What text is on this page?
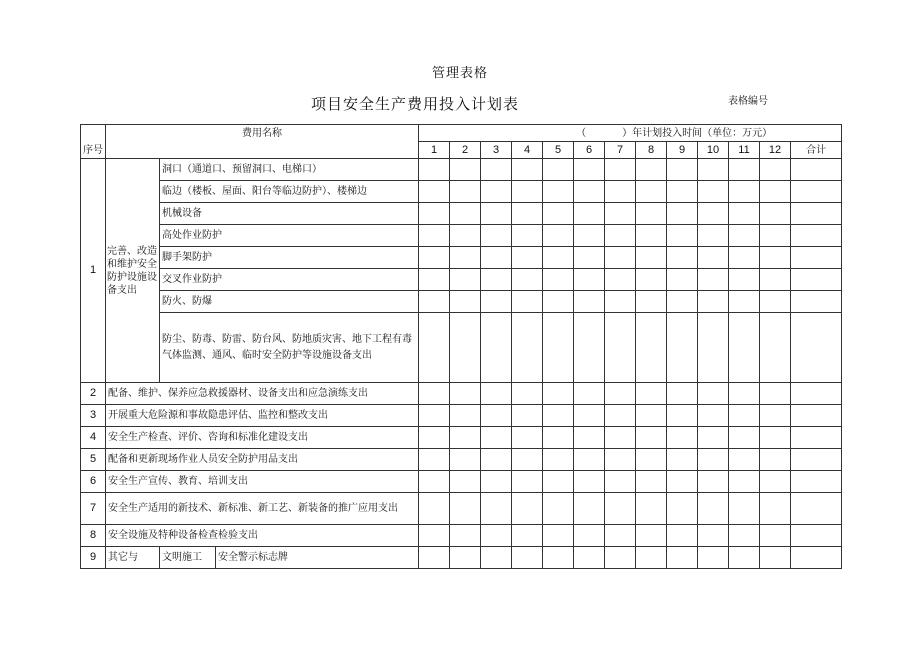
管理表格
项目安全生产费用投入计划表	表格编号
序号	费用名称			（ ）年计划投入时间（单位：万元）												
				1	2	3	4	5	6	7	8	9	10	11	12	合计
1	完善、改造和维护安全防护设施设备支出	洞口（通道口、预留洞口、电梯口）														
		临边（楼板、屋面、阳台等临边防护）、楼梯边														
		机械设备														
		高处作业防护														
		脚手架防护														
		交叉作业防护														
		防火、防爆														
		防尘、防毒、防雷、防台风、防地质灾害、地下工程有毒气体监测、通风、临时安全防护等设施设备支出														
2	配备、维护、保养应急救援器材、设备支出和应急演练支出															
3	开展重大危险源和事故隐患评估、监控和整改支出															
4	安全生产检查、评价、咨询和标准化建设支出															
5	配备和更新现场作业人员安全防护用品支出															
6	安全生产宣传、教育、培训支出															
7	安全生产适用的新技术、新标准、新工艺、新装备的推广应用支出															
8	安全设施及特种设备检查检验支出															
9	其它与	文明施工	安全警示标志牌													
